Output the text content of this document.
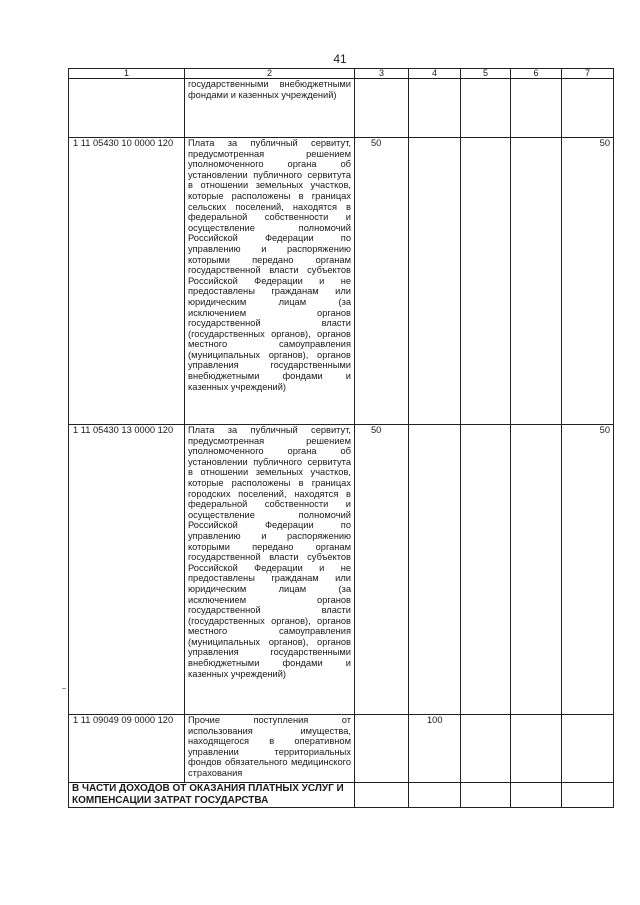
41
1	2	3	4	5	6	7
	государственными внебюджетными фондами и казенных учреждений)					
1 11 05430 10 0000 120	Плата за публичный сервитут, предусмотренная решением уполномоченного органа об установлении публичного сервитута в отношении земельных участков, которые расположены в границах сельских поселений, находятся в федеральной собственности и осуществление полномочий Российской Федерации по управлению и распоряжению которыми передано органам государственной власти субъектов Российской Федерации и не предоставлены гражданам или юридическим лицам (за исключением органов государственной власти (государственных органов), органов местного самоуправления (муниципальных органов), органов управления государственными внебюджетными фондами и казенных учреждений)	50				50
1 11 05430 13 0000 120	Плата за публичный сервитут, предусмотренная решением уполномоченного органа об установлении публичного сервитута в отношении земельных участков, которые расположены в границах городских поселений, находятся в федеральной собственности и осуществление полномочий Российской Федерации по управлению и распоряжению которыми передано органам государственной власти субъектов Российской Федерации и не предоставлены гражданам или юридическим лицам (за исключением органов государственной власти (государственных органов), органов местного самоуправления (муниципальных органов), органов управления государственными внебюджетными фондами и казенных учреждений)	50				50
1 11 09049 09 0000 120	Прочие поступления от использования имущества, находящегося в оперативном управлении территориальных фондов обязательного медицинского страхования		100			
В ЧАСТИ ДОХОДОВ ОТ ОКАЗАНИЯ ПЛАТНЫХ УСЛУГ И КОМПЕНСАЦИИ ЗАТРАТ ГОСУДАРСТВА						
